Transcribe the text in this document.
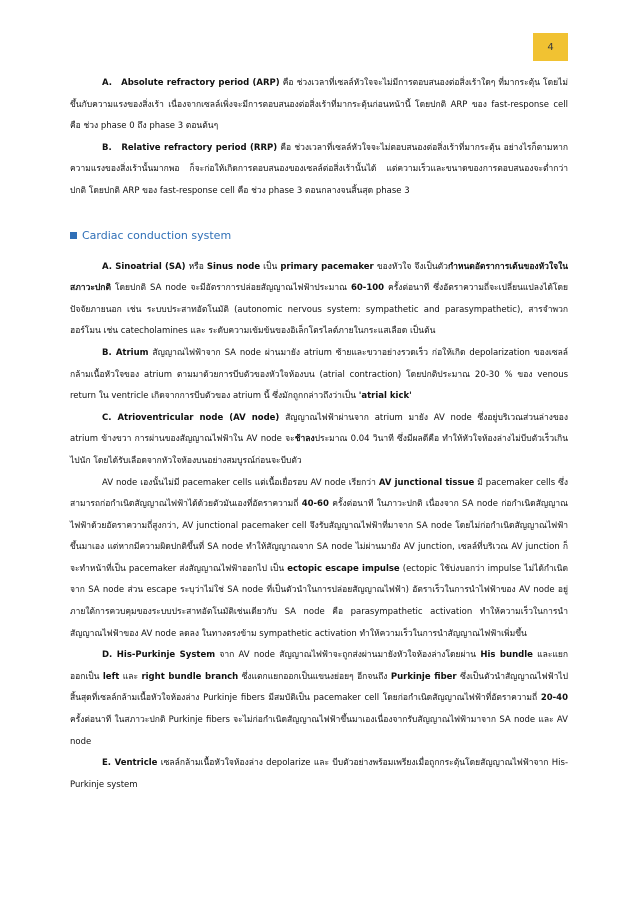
4

A. Absolute refractory period (ARP) คือ ช่วงเวลาที่เซลล์หัวใจจะไม่มีการตอบสนองต่อสิ่งเร้าใดๆ ที่มากระตุ้น โดยไม่ขึ้นกับความแรงของสิ่งเร้า เนื่องจากเซลล์เพิ่งจะมีการตอบสนองต่อสิ่งเร้าที่มากระตุ้นก่อนหน้านี้ โดยปกติ ARP ของ fast-response cell คือ ช่วง phase 0 ถึง phase 3 ตอนต้นๆ

B. Relative refractory period (RRP) คือ ช่วงเวลาที่เซลล์หัวใจจะไม่ตอบสนองต่อสิ่งเร้าที่มากระตุ้น อย่างไรก็ตามหากความแรงของสิ่งเร้านั้นมากพอ ก็จะก่อให้เกิดการตอบสนองของเซลล์ต่อสิ่งเร้านั้นได้ แต่ความเร็วและขนาดของการตอบสนองจะต่ำกว่าปกติ โดยปกติ ARP ของ fast-response cell คือ ช่วง phase 3 ตอนกลางจนสิ้นสุด phase 3

Cardiac conduction system

A. Sinoatrial (SA) หรือ Sinus node เป็น primary pacemaker ของหัวใจ จึงเป็นตัวกำหนดอัตราการเต้นของหัวใจในสภาวะปกติ โดยปกติ SA node จะมีอัตราการปล่อยสัญญาณไฟฟ้าประมาณ 60-100 ครั้งต่อนาที ซึ่งอัตราความถี่จะเปลี่ยนแปลงได้โดยปัจจัยภายนอก เช่น ระบบประสาทอัตโนมัติ (autonomic nervous system: sympathetic and parasympathetic), สารจำพวกฮอร์โมน เช่น catecholamines และ ระดับความเข้มข้นของอิเล็กโตรไลต์ภายในกระแสเลือด เป็นต้น

B. Atrium สัญญาณไฟฟ้าจาก SA node ผ่านมายัง atrium ซ้ายและขวาอย่างรวดเร็ว ก่อให้เกิด depolarization ของเซลล์กล้ามเนื้อหัวใจของ atrium ตามมาด้วยการบีบตัวของหัวใจห้องบน (atrial contraction) โดยปกติประมาณ 20-30 % ของ venous return ใน ventricle เกิดจากการบีบตัวของ atrium นี้ ซึ่งมักถูกกล่าวถึงว่าเป็น 'atrial kick'

C. Atrioventricular node (AV node) สัญญาณไฟฟ้าผ่านจาก atrium มายัง AV node ซึ่งอยู่บริเวณส่วนล่างของ atrium ข้างขวา การผ่านของสัญญาณไฟฟ้าใน AV node จะช้าลงประมาณ 0.04 วินาที ซึ่งมีผลดีคือ ทำให้หัวใจห้องล่างไม่บีบตัวเร็วเกินไปนัก โดยได้รับเลือดจากหัวใจห้องบนอย่างสมบูรณ์ก่อนจะบีบตัว

AV node เองนั้นไม่มี pacemaker cells แต่เนื้อเยื่อรอบ AV node เรียกว่า AV junctional tissue มี pacemaker cells ซึ่งสามารถก่อกำเนิดสัญญาณไฟฟ้าได้ด้วยตัวมันเองที่อัตราความถี่ 40-60 ครั้งต่อนาที ในภาวะปกติ เนื่องจาก SA node ก่อกำเนิดสัญญาณไฟฟ้าด้วยอัตราความถี่สูงกว่า, AV junctional pacemaker cell จึงรับสัญญาณไฟฟ้าที่มาจาก SA node โดยไม่ก่อกำเนิดสัญญาณไฟฟ้าขึ้นมาเอง แต่หากมีความผิดปกติขึ้นที่ SA node ทำให้สัญญาณจาก SA node ไม่ผ่านมายัง AV junction, เซลล์ที่บริเวณ AV junction ก็จะทำหน้าที่เป็น pacemaker ส่งสัญญาณไฟฟ้าออกไป เป็น ectopic escape impulse (ectopic ใช้บ่งบอกว่า impulse ไม่ได้กำเนิดจาก SA node ส่วน escape ระบุว่าไม่ใช่ SA node ที่เป็นตัวนำในการปล่อยสัญญาณไฟฟ้า) อัตราเร็วในการนำไฟฟ้าของ AV node อยู่ภายใต้การควบคุมของระบบประสาทอัตโนมัติเช่นเดียวกับ SA node คือ parasympathetic activation ทำให้ความเร็วในการนำสัญญาณไฟฟ้าของ AV node ลดลง ในทางตรงข้าม sympathetic activation ทำให้ความเร็วในการนำสัญญาณไฟฟ้าเพิ่มขึ้น

D. His-Purkinje System จาก AV node สัญญาณไฟฟ้าจะถูกส่งผ่านมายังหัวใจห้องล่างโดยผ่าน His bundle และแยกออกเป็น left และ right bundle branch ซึ่งแตกแยกออกเป็นแขนงย่อยๆ อีกจนถึง Purkinje fiber ซึ่งเป็นตัวนำสัญญาณไฟฟ้าไปสิ้นสุดที่เซลล์กล้ามเนื้อหัวใจห้องล่าง Purkinje fibers มีสมบัติเป็น pacemaker cell โดยก่อกำเนิดสัญญาณไฟฟ้าที่อัตราความถี่ 20-40 ครั้งต่อนาที ในสภาวะปกติ Purkinje fibers จะไม่ก่อกำเนิดสัญญาณไฟฟ้าขึ้นมาเองเนื่องจากรับสัญญาณไฟฟ้ามาจาก SA node และ AV node

E. Ventricle เซลล์กล้ามเนื้อหัวใจห้องล่าง depolarize และ บีบตัวอย่างพร้อมเพรียงเมื่อถูกกระตุ้นโดยสัญญาณไฟฟ้าจาก His-Purkinje system
